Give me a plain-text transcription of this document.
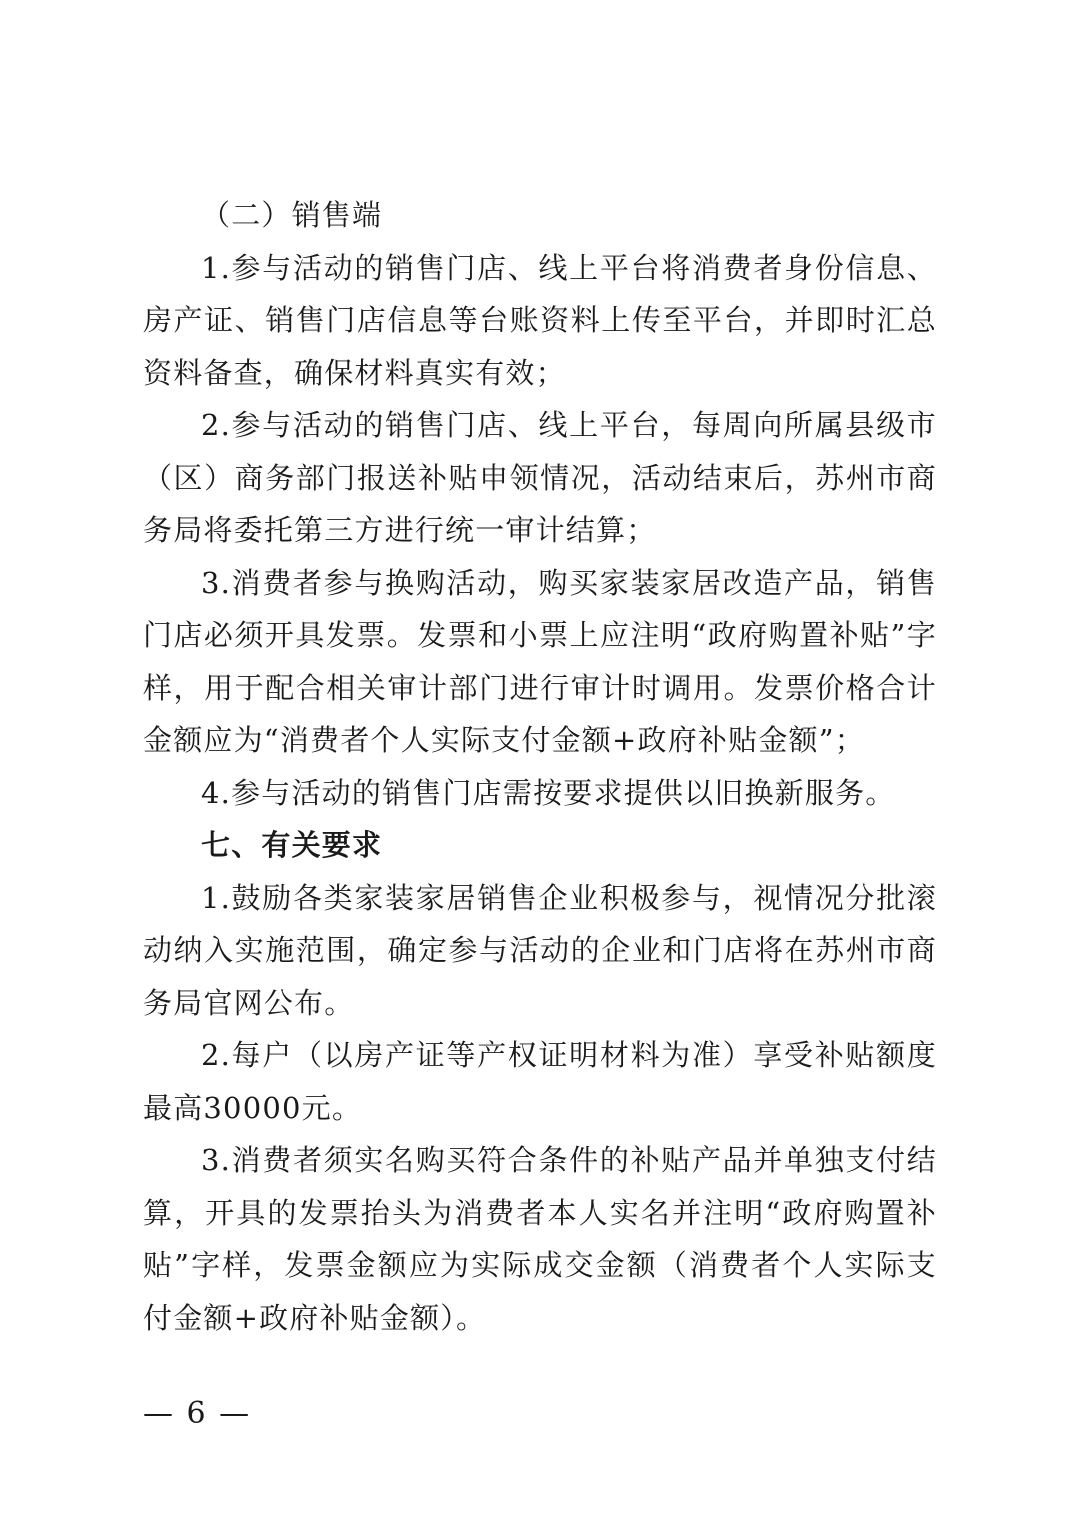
（二）销售端

1.参与活动的销售门店、线上平台将消费者身份信息、房产证、销售门店信息等台账资料上传至平台，并即时汇总资料备查，确保材料真实有效；

2.参与活动的销售门店、线上平台，每周向所属县级市（区）商务部门报送补贴申领情况，活动结束后，苏州市商务局将委托第三方进行统一审计结算；

3.消费者参与换购活动，购买家装家居改造产品，销售门店必须开具发票。发票和小票上应注明“政府购置补贴”字样，用于配合相关审计部门进行审计时调用。发票价格合计金额应为“消费者个人实际支付金额+政府补贴金额”；

4.参与活动的销售门店需按要求提供以旧换新服务。

七、有关要求

1.鼓励各类家装家居销售企业积极参与，视情况分批滚动纳入实施范围，确定参与活动的企业和门店将在苏州市商务局官网公布。

2.每户（以房产证等产权证明材料为准）享受补贴额度最高30000元。

3.消费者须实名购买符合条件的补贴产品并单独支付结算，开具的发票抬头为消费者本人实名并注明“政府购置补贴”字样，发票金额应为实际成交金额（消费者个人实际支付金额+政府补贴金额）。

— 6 —
